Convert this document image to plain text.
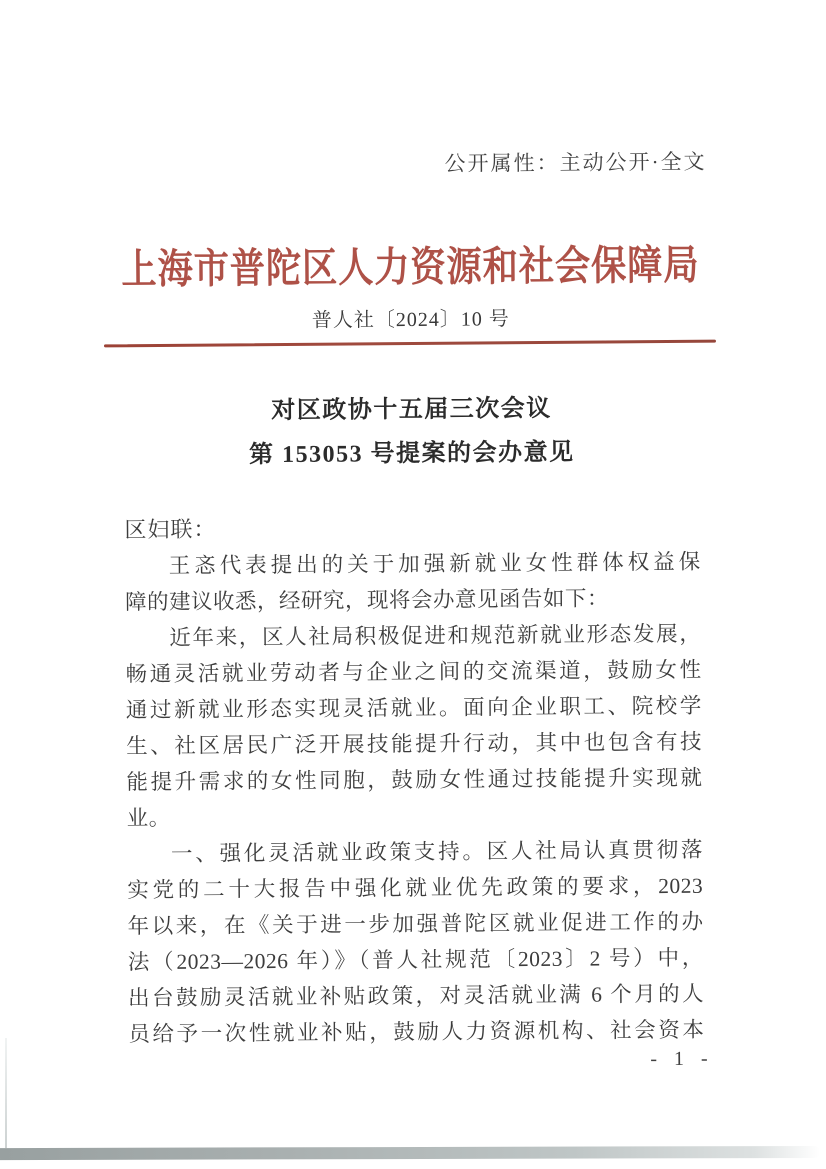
公开属性：主动公开·全文
上海市普陀区人力资源和社会保障局
普人社〔2024〕10 号
对区政协十五届三次会议
第 153053 号提案的会办意见
区妇联：
王忞代表提出的关于加强新就业女性群体权益保
障的建议收悉，经研究，现将会办意见函告如下：
近年来，区人社局积极促进和规范新就业形态发展，
畅通灵活就业劳动者与企业之间的交流渠道，鼓励女性
通过新就业形态实现灵活就业。面向企业职工、院校学
生、社区居民广泛开展技能提升行动，其中也包含有技
能提升需求的女性同胞，鼓励女性通过技能提升实现就
业。
一、强化灵活就业政策支持。区人社局认真贯彻落
实党的二十大报告中强化就业优先政策的要求，2023
年以来，在《关于进一步加强普陀区就业促进工作的办
法（2023—2026 年）》（普人社规范〔2023〕2 号）中，
出台鼓励灵活就业补贴政策，对灵活就业满 6 个月的人
员给予一次性就业补贴，鼓励人力资源机构、社会资本
- 1 -
